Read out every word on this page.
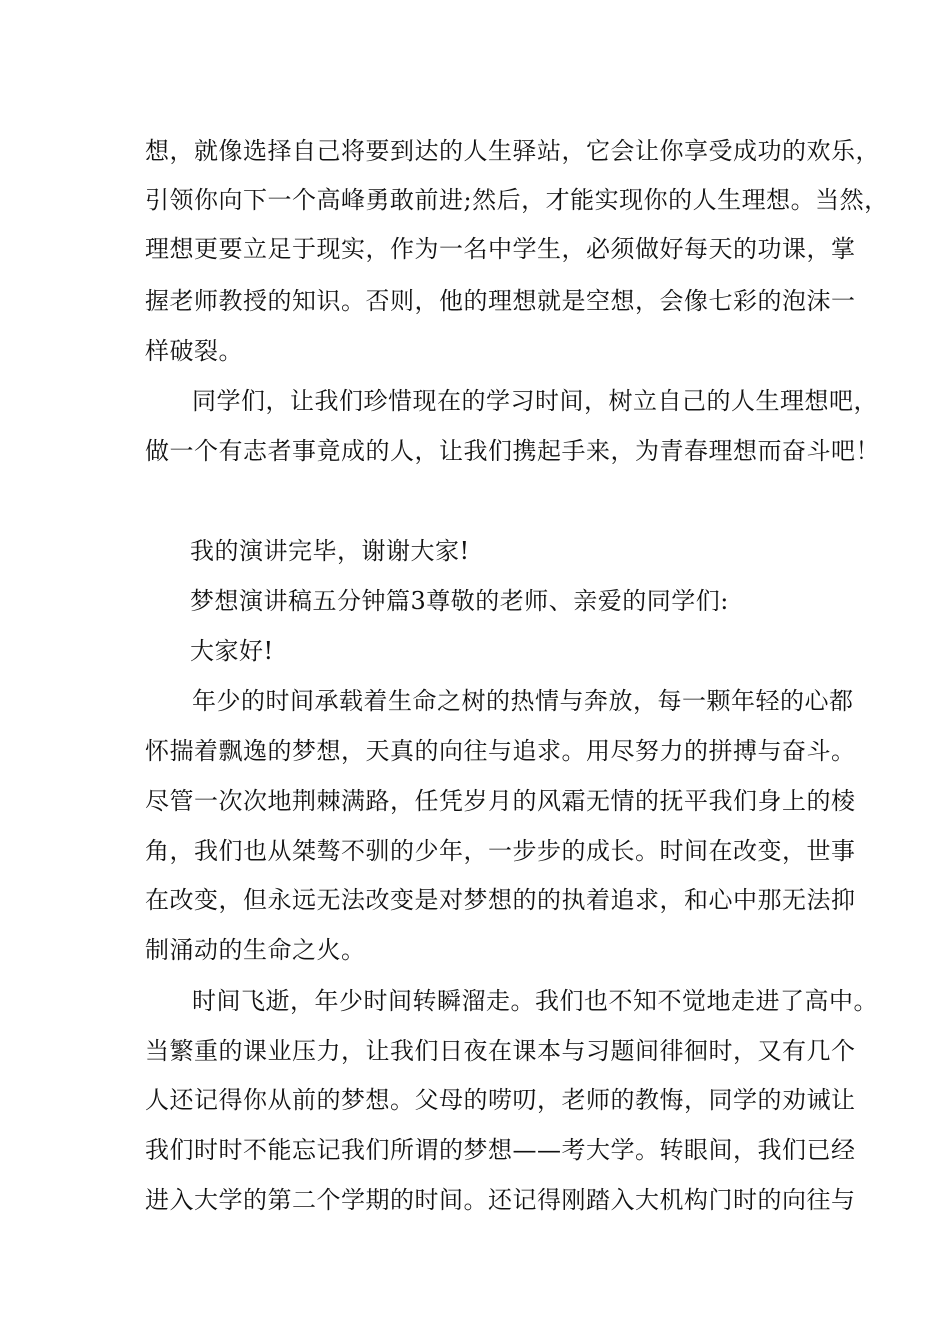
想，就像选择自己将要到达的人生驿站，它会让你享受成功的欢乐，
引领你向下一个高峰勇敢前进;然后，才能实现你的人生理想。当然，
理想更要立足于现实，作为一名中学生，必须做好每天的功课，掌
握老师教授的知识。否则，他的理想就是空想，会像七彩的泡沫一
样破裂。
同学们，让我们珍惜现在的学习时间，树立自己的人生理想吧，
做一个有志者事竟成的人，让我们携起手来，为青春理想而奋斗吧！
我的演讲完毕，谢谢大家!
梦想演讲稿五分钟篇3尊敬的老师、亲爱的同学们:
大家好!
年少的时间承载着生命之树的热情与奔放，每一颗年轻的心都
怀揣着飘逸的梦想，天真的向往与追求。用尽努力的拼搏与奋斗。
尽管一次次地荆棘满路，任凭岁月的风霜无情的抚平我们身上的棱
角，我们也从桀骜不驯的少年，一步步的成长。时间在改变，世事
在改变，但永远无法改变是对梦想的的执着追求，和心中那无法抑
制涌动的生命之火。
时间飞逝，年少时间转瞬溜走。我们也不知不觉地走进了高中。
当繁重的课业压力，让我们日夜在课本与习题间徘徊时，又有几个
人还记得你从前的梦想。父母的唠叨，老师的教悔，同学的劝诫让
我们时时不能忘记我们所谓的梦想——考大学。转眼间，我们已经
进入大学的第二个学期的时间。还记得刚踏入大机构门时的向往与
